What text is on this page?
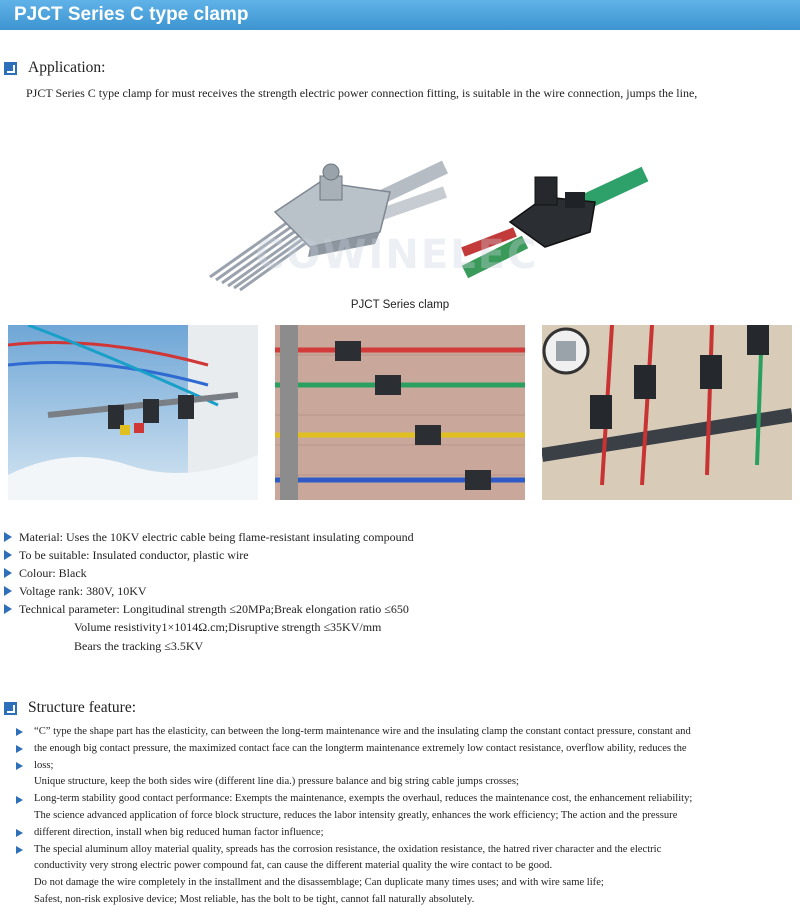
PJCT Series C type clamp
Application:

PJCT Series C type clamp for must receives the strength electric power connection fitting, is suitable in the wire connection, jumps the line,

COWINELEC
PJCT Series clamp
Material: Uses the 10KV electric cable being flame-resistant insulating compound
To be suitable: Insulated conductor, plastic wire
Colour: Black
Voltage rank: 380V, 10KV
Technical parameter: Longitudinal strength ≤20MPa;Break elongation ratio ≤650
Volume resistivity1×1014Ω.cm;Disruptive strength ≤35KV/mm
Bears the tracking ≤3.5KV
Structure feature:
“C” type the shape part has the elasticity, can between the long-term maintenance wire and the insulating clamp the constant contact pressure, constant and
the enough big contact pressure, the maximized contact face can the longterm maintenance extremely low contact resistance, overflow ability, reduces the
loss;
Unique structure, keep the both sides wire (different line dia.) pressure balance and big string cable jumps crosses;
Long-term stability good contact performance: Exempts the maintenance, exempts the overhaul, reduces the maintenance cost, the enhancement reliability;
The science advanced application of force block structure, reduces the labor intensity greatly, enhances the work efficiency; The action and the pressure
different direction, install when big reduced human factor influence;
The special aluminum alloy material quality, spreads has the corrosion resistance, the oxidation resistance, the hatred river character and the electric
conductivity very strong electric power compound fat, can cause the different material quality the wire contact to be good.
Do not damage the wire completely in the installment and the disassemblage; Can duplicate many times uses; and with wire same life;
Safest, non-risk explosive device; Most reliable, has the bolt to be tight, cannot fall naturally absolutely.
